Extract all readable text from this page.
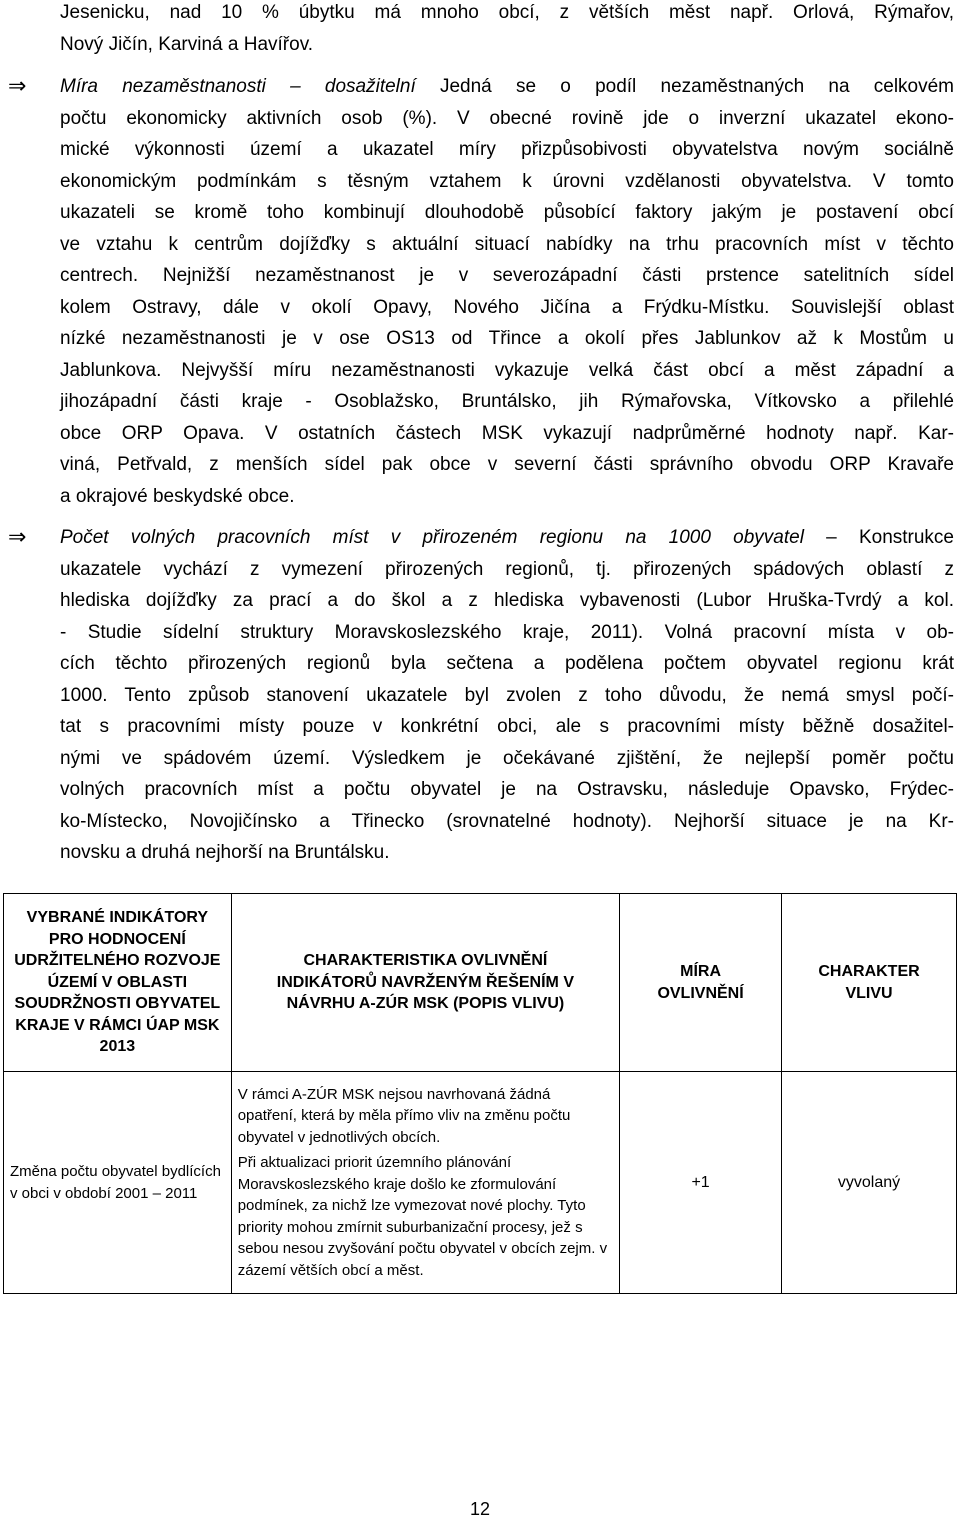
Jesenicku, nad 10 % úbytku má mnoho obcí, z větších měst např. Orlová, Rýmařov,
Nový Jičín, Karviná a Havířov.
⇒ Míra nezaměstnanosti – dosažitelní Jedná se o podíl nezaměstnaných na celkovém
počtu ekonomicky aktivních osob (%). V obecné rovině jde o inverzní ukazatel ekono-
mické výkonnosti území a ukazatel míry přizpůsobivosti obyvatelstva novým sociálně
ekonomickým podmínkám s těsným vztahem k úrovni vzdělanosti obyvatelstva. V tomto
ukazateli se kromě toho kombinují dlouhodobě působící faktory jakým je postavení obcí
ve vztahu k centrům dojížďky s aktuální situací nabídky na trhu pracovních míst v těchto
centrech. Nejnižší nezaměstnanost je v severozápadní části prstence satelitních sídel
kolem Ostravy, dále v okolí Opavy, Nového Jičína a Frýdku-Místku. Souvislejší oblast
nízké nezaměstnanosti je v ose OS13 od Třince a okolí přes Jablunkov až k Mostům u
Jablunkova. Nejvyšší míru nezaměstnanosti vykazuje velká část obcí a měst západní a
jihozápadní části kraje - Osoblažsko, Bruntálsko, jih Rýmařovska, Vítkovsko a přilehlé
obce ORP Opava. V ostatních částech MSK vykazují nadprůměrné hodnoty např. Kar-
viná, Petřvald, z menších sídel pak obce v severní části správního obvodu ORP Kravaře
a okrajové beskydské obce.
⇒ Počet volných pracovních míst v přirozeném regionu na 1000 obyvatel – Konstrukce
ukazatele vychází z vymezení přirozených regionů, tj. přirozených spádových oblastí z
hlediska dojížďky za prací a do škol a z hlediska vybavenosti (Lubor Hruška-Tvrdý a kol.
- Studie sídelní struktury Moravskoslezského kraje, 2011). Volná pracovní místa v ob-
cích těchto přirozených regionů byla sečtena a podělena počtem obyvatel regionu krát
1000. Tento způsob stanovení ukazatele byl zvolen z toho důvodu, že nemá smysl počí-
tat s pracovními místy pouze v konkrétní obci, ale s pracovními místy běžně dosažitel-
nými ve spádovém území. Výsledkem je očekávané zjištění, že nejlepší poměr počtu
volných pracovních míst a počtu obyvatel je na Ostravsku, následuje Opavsko, Frýdec-
ko-Místecko, Novojičínsko a Třinecko (srovnatelné hodnoty). Nejhorší situace je na Kr-
novsku a druhá nejhorší na Bruntálsku.
VYBRANÉ INDIKÁTORY PRO HODNOCENÍ UDRŽITELNÉHO ROZVOJE ÚZEMÍ V OBLASTI SOUDRŽNOSTI OBYVATEL KRAJE V RÁMCI ÚAP MSK 2013	CHARAKTERISTIKA OVLIVNĚNÍ INDIKÁTORŮ NAVRŽENÝM ŘEŠENÍM V NÁVRHU A-ZÚR MSK (POPIS VLIVU)	MÍRA OVLIVNĚNÍ	CHARAKTER VLIVU
Změna počtu obyvatel bydlících v obci v období 2001 – 2011	V rámci A-ZÚR MSK nejsou navrhovaná žádná opatření, která by měla přímo vliv na změnu počtu obyvatel v jednotlivých obcích.
Při aktualizaci priorit územního plánování Moravskoslezského kraje došlo ke zformulování podmínek, za nichž lze vymezovat nové plochy. Tyto priority mohou zmírnit suburbanizační procesy, jež s sebou nesou zvyšování počtu obyvatel v obcích zejm. v zázemí větších obcí a měst.	+1	vyvolaný
12
